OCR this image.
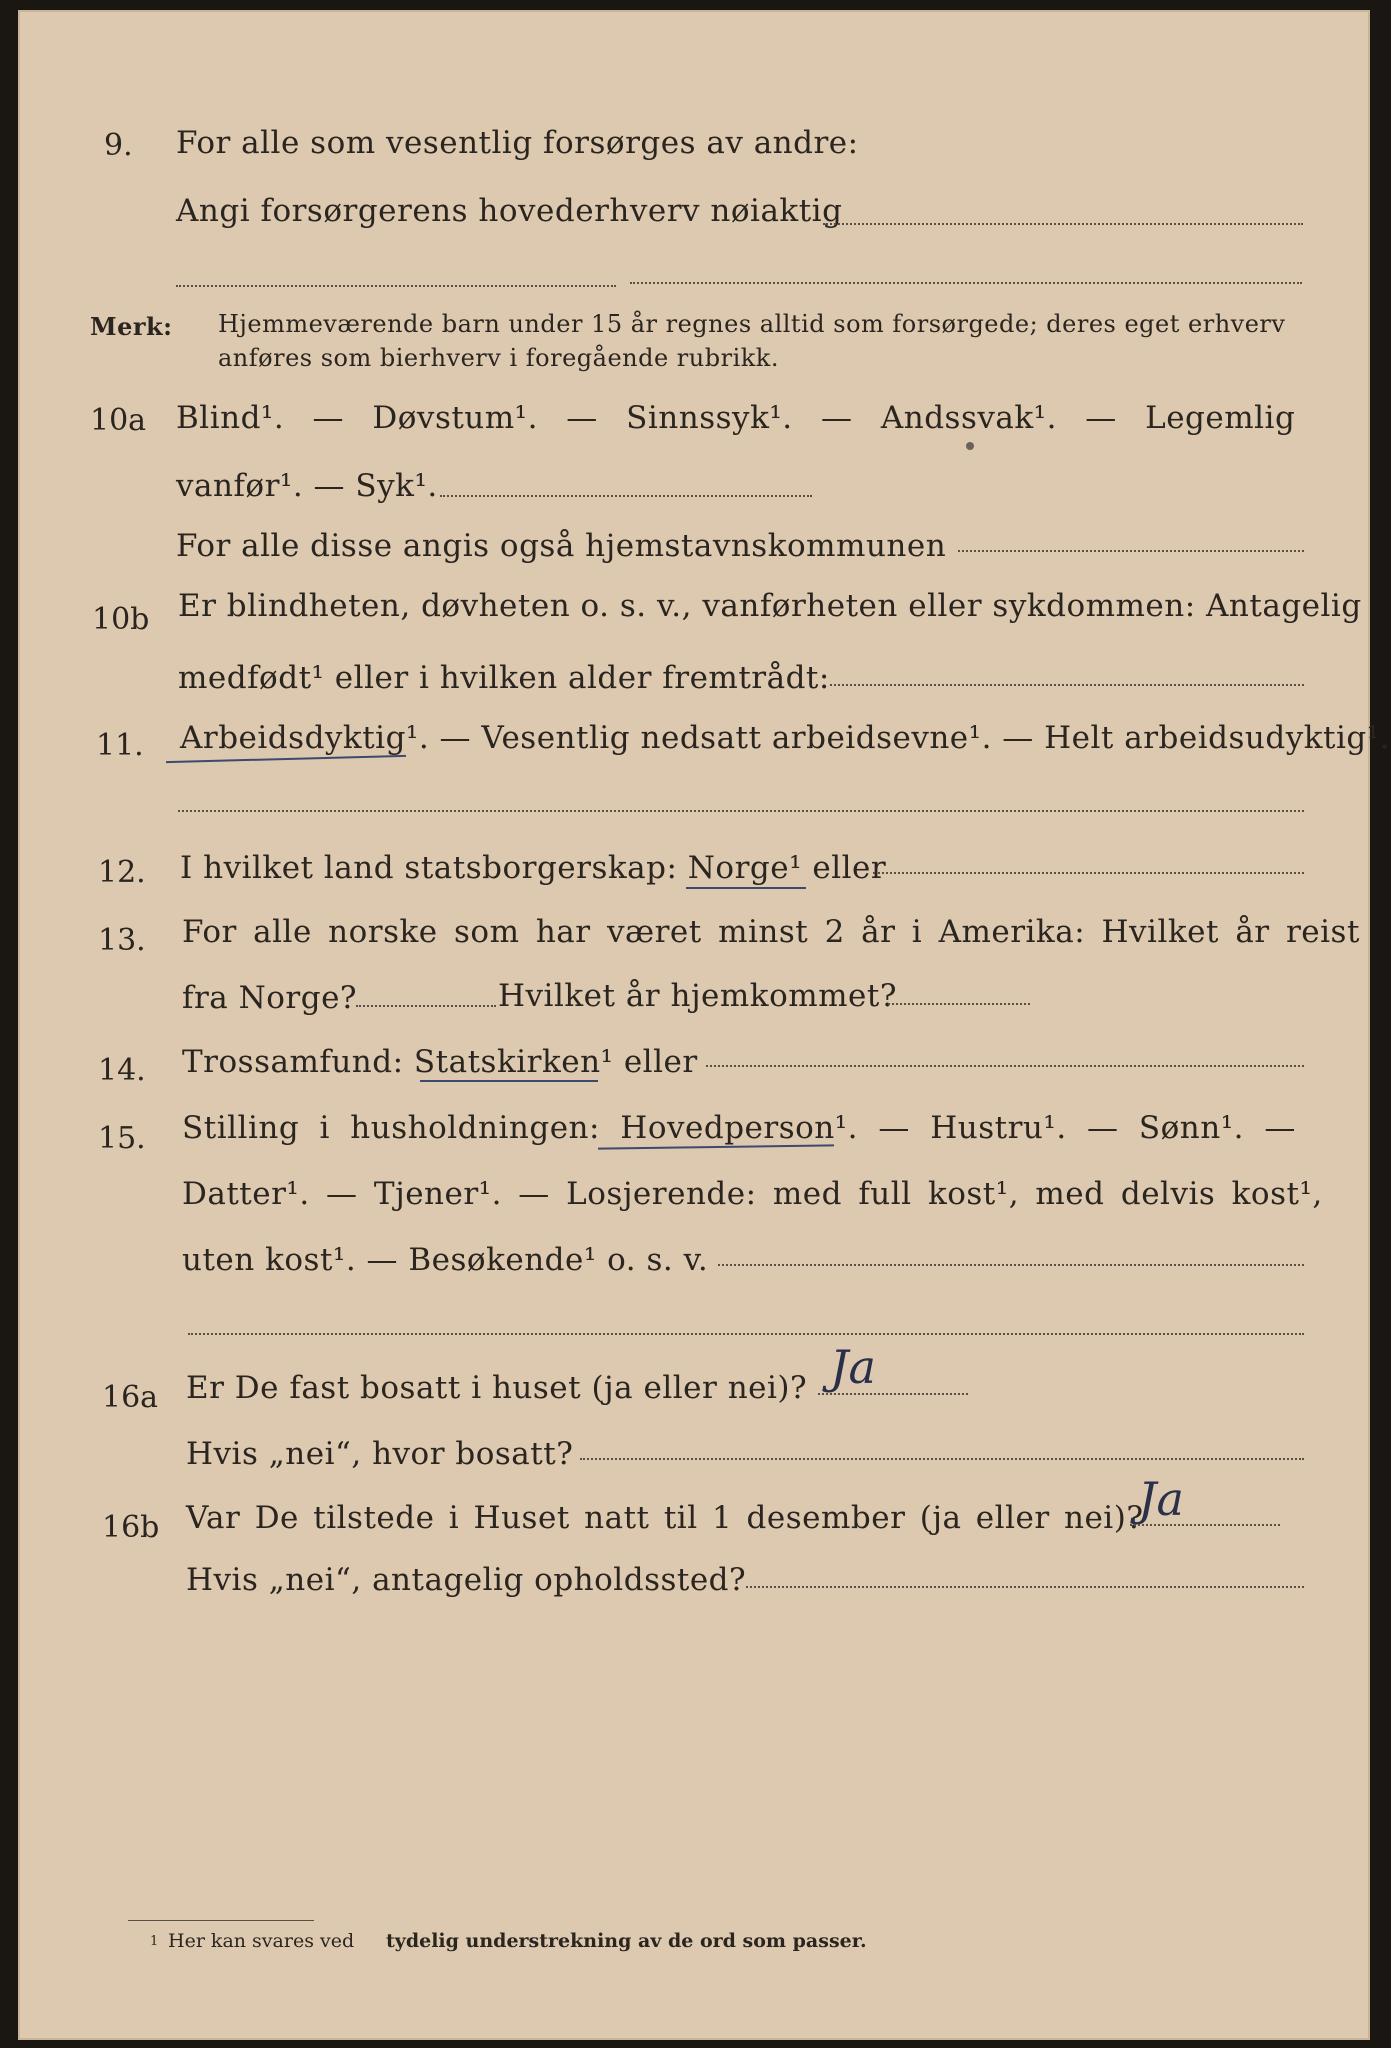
9. For alle som vesentlig forsørges av andre:
Angi forsørgerens hovederhverv nøiaktig
Merk: Hjemmeværende barn under 15 år regnes alltid som forsørgede; deres eget erhverv
anføres som bierhverv i foregående rubrikk.
10a Blind¹. — Døvstum¹. — Sinnssyk¹. — Andssvak¹. — Legemlig
vanfør¹. — Syk¹.
For alle disse angis også hjemstavnskommunen
10b Er blindheten, døvheten o. s. v., vanførheten eller sykdommen: Antagelig
medfødt¹ eller i hvilken alder fremtrådt:
11. Arbeidsdyktig¹. — Vesentlig nedsatt arbeidsevne¹. — Helt arbeidsudyktig¹.
12. I hvilket land statsborgerskap: Norge¹ eller
13. For alle norske som har været minst 2 år i Amerika: Hvilket år reist
fra Norge?	Hvilket år hjemkommet?
14. Trossamfund: Statskirken¹ eller
15. Stilling i husholdningen: Hovedperson¹. — Hustru¹. — Sønn¹. —
Datter¹. — Tjener¹. — Losjerende: med full kost¹, med delvis kost¹,
uten kost¹. — Besøkende¹ o. s. v.
16a Er De fast bosatt i huset (ja eller nei)? Ja
Hvis „nei“, hvor bosatt?
16b Var De tilstede i Huset natt til 1 desember (ja eller nei)?
Ja
Hvis „nei“, antagelig opholdssted?
1 Her kan svares ved tydelig understrekning av de ord som passer.
